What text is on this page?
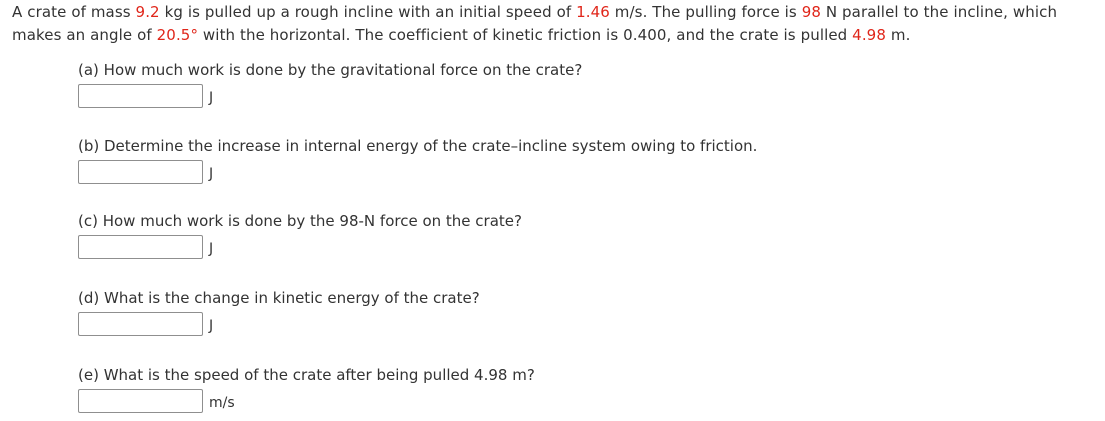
A crate of mass 9.2 kg is pulled up a rough incline with an initial speed of 1.46 m/s. The pulling force is 98 N parallel to the incline, which makes an angle of 20.5° with the horizontal. The coefficient of kinetic friction is 0.400, and the crate is pulled 4.98 m.
(a) How much work is done by the gravitational force on the crate?
J
(b) Determine the increase in internal energy of the crate–incline system owing to friction.
J
(c) How much work is done by the 98-N force on the crate?
J
(d) What is the change in kinetic energy of the crate?
J
(e) What is the speed of the crate after being pulled 4.98 m?
m/s
